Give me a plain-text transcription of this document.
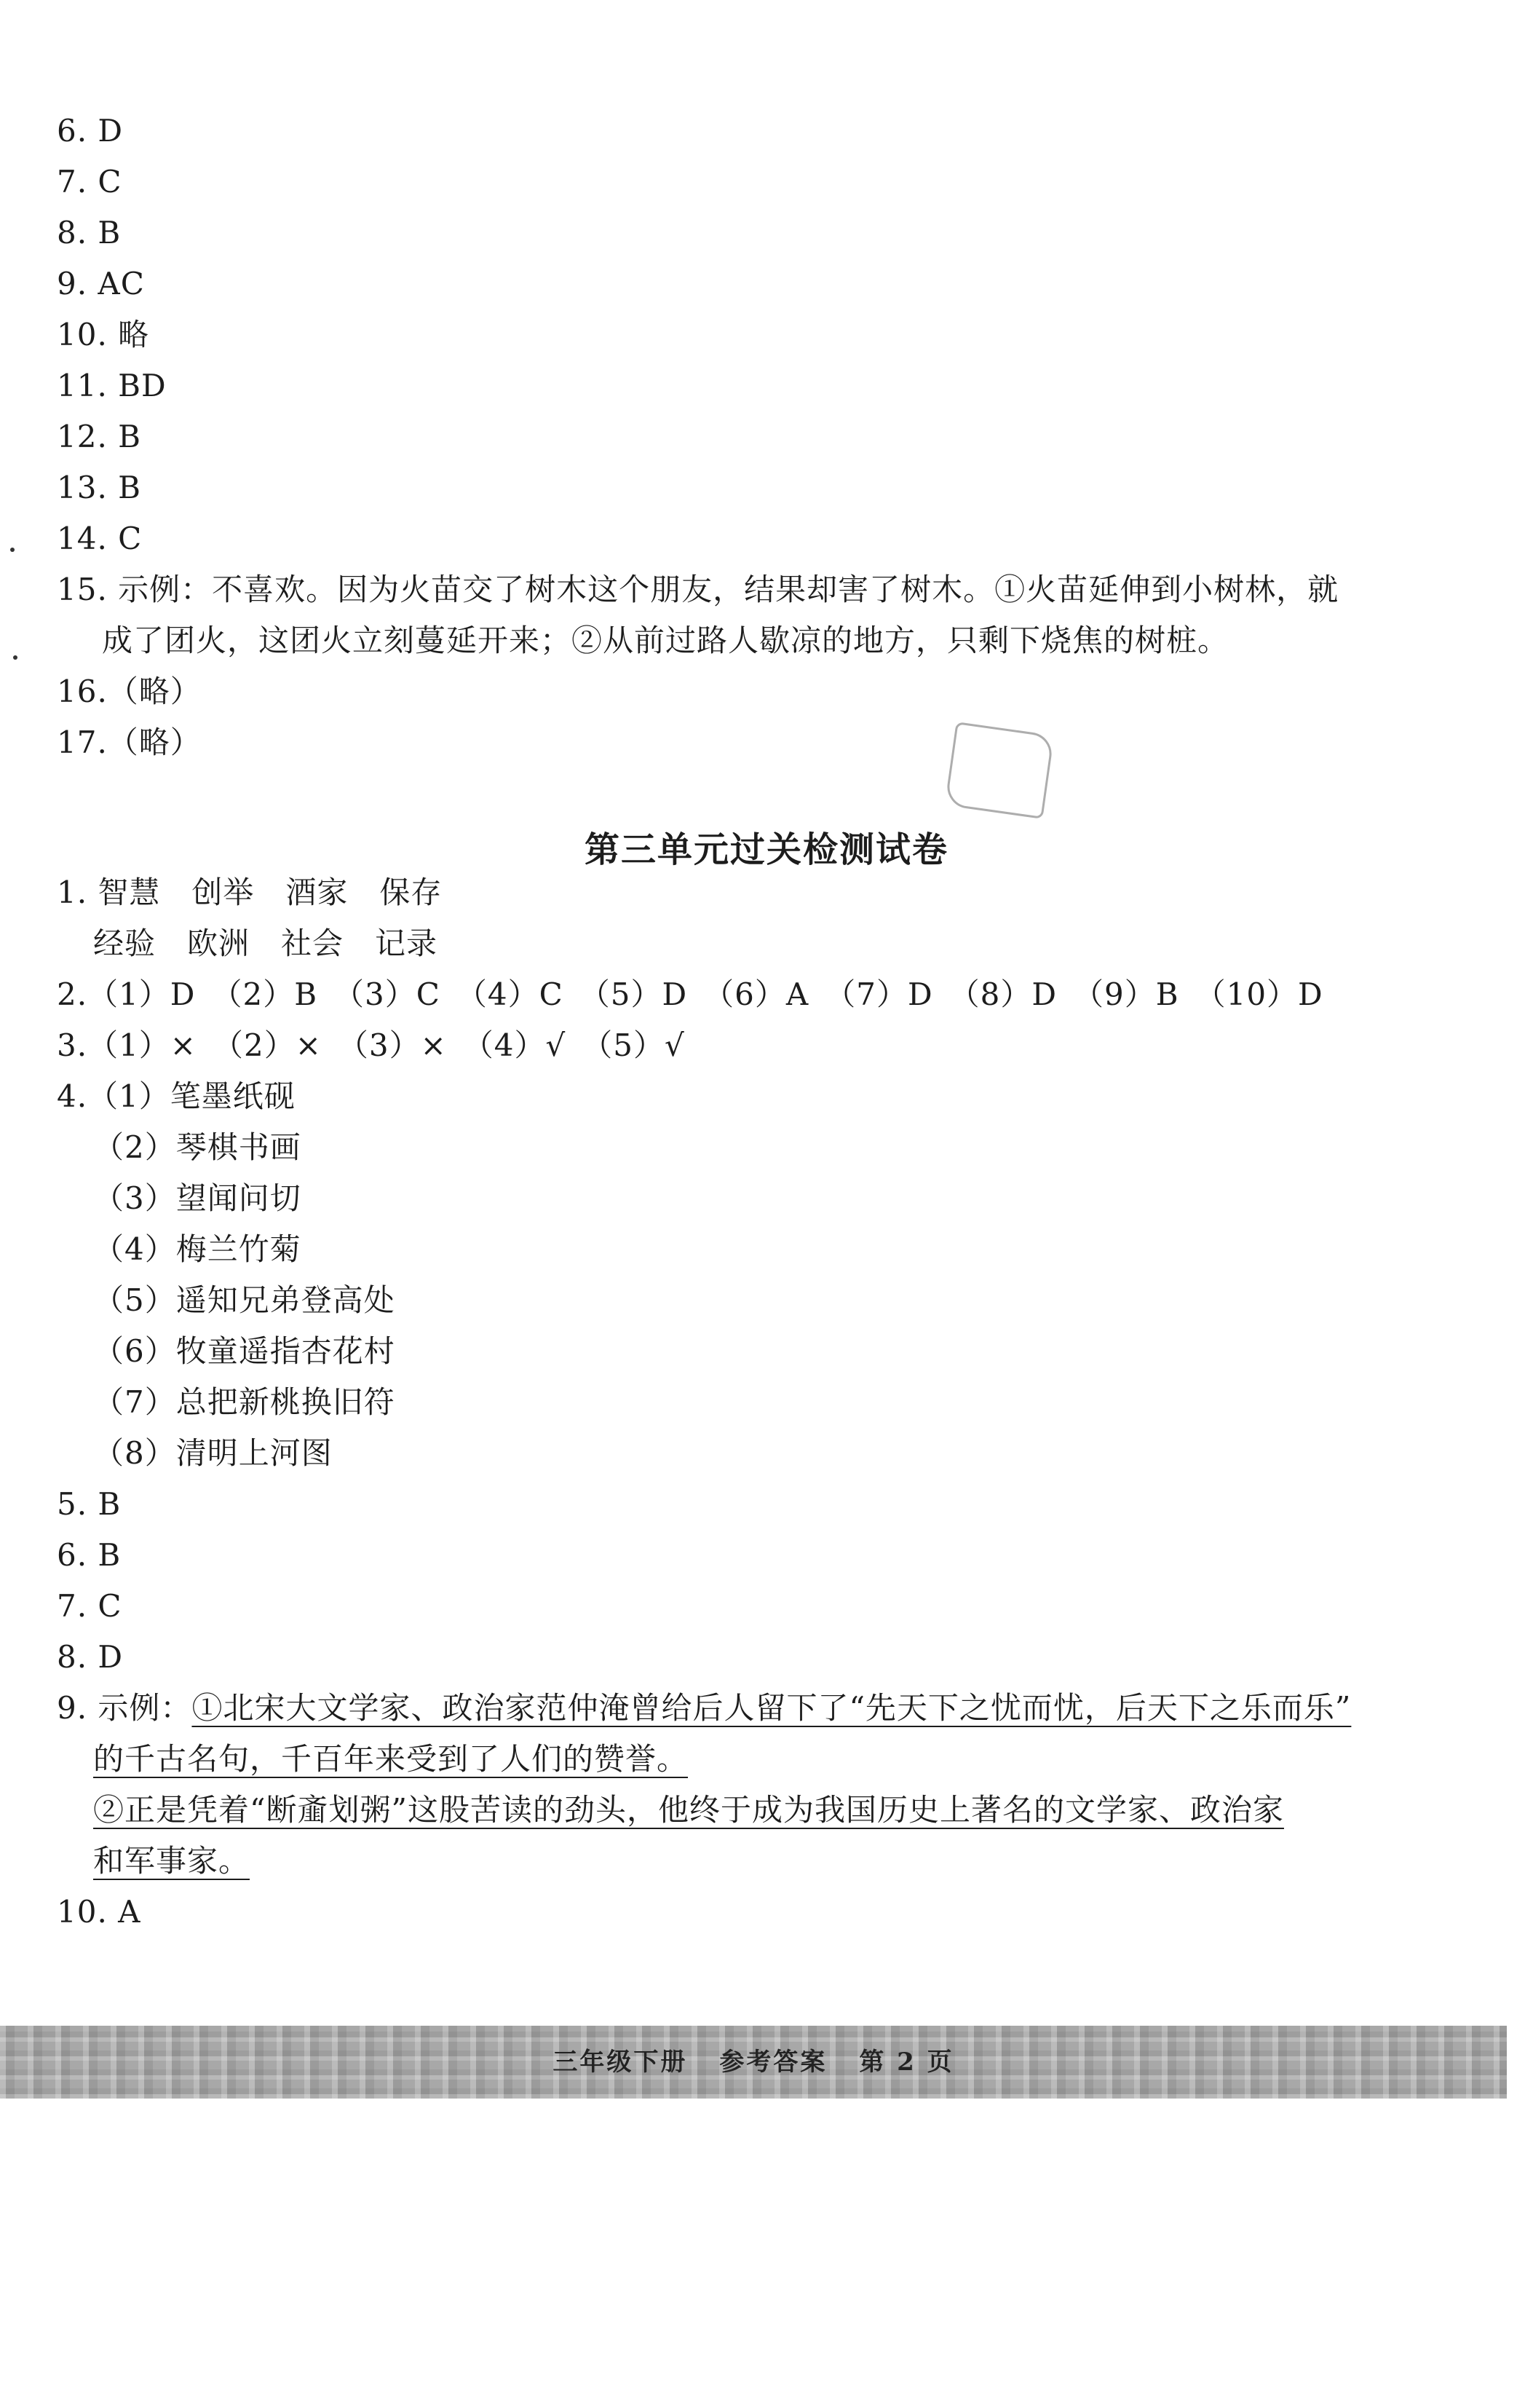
6. D
7. C
8. B
9. AC
10. 略
11. BD
12. B
13. B
14. C
15. 示例：不喜欢。因为火苗交了树木这个朋友，结果却害了树木。①火苗延伸到小树林，就
成了团火，这团火立刻蔓延开来；②从前过路人歇凉的地方，只剩下烧焦的树桩。
16.（略）
17.（略）
第三单元过关检测试卷
1. 智慧　创举　酒家　保存
经验　欧洲　社会　记录
2.（1）D　（2）B　（3）C　（4）C　（5）D　（6）A　（7）D　（8）D　（9）B　（10）D
3.（1）×　（2）×　（3）×　（4）√　（5）√
4.（1）笔墨纸砚
（2）琴棋书画
（3）望闻问切
（4）梅兰竹菊
（5）遥知兄弟登高处
（6）牧童遥指杏花村
（7）总把新桃换旧符
（8）清明上河图
5. B
6. B
7. C
8. D
9. 示例：①北宋大文学家、政治家范仲淹曾给后人留下了“先天下之忧而忧，后天下之乐而乐”
的千古名句，千百年来受到了人们的赞誉。
②正是凭着“断齑划粥”这股苦读的劲头，他终于成为我国历史上著名的文学家、政治家
和军事家。
10. A
三年级下册 参考答案 第 2 页
